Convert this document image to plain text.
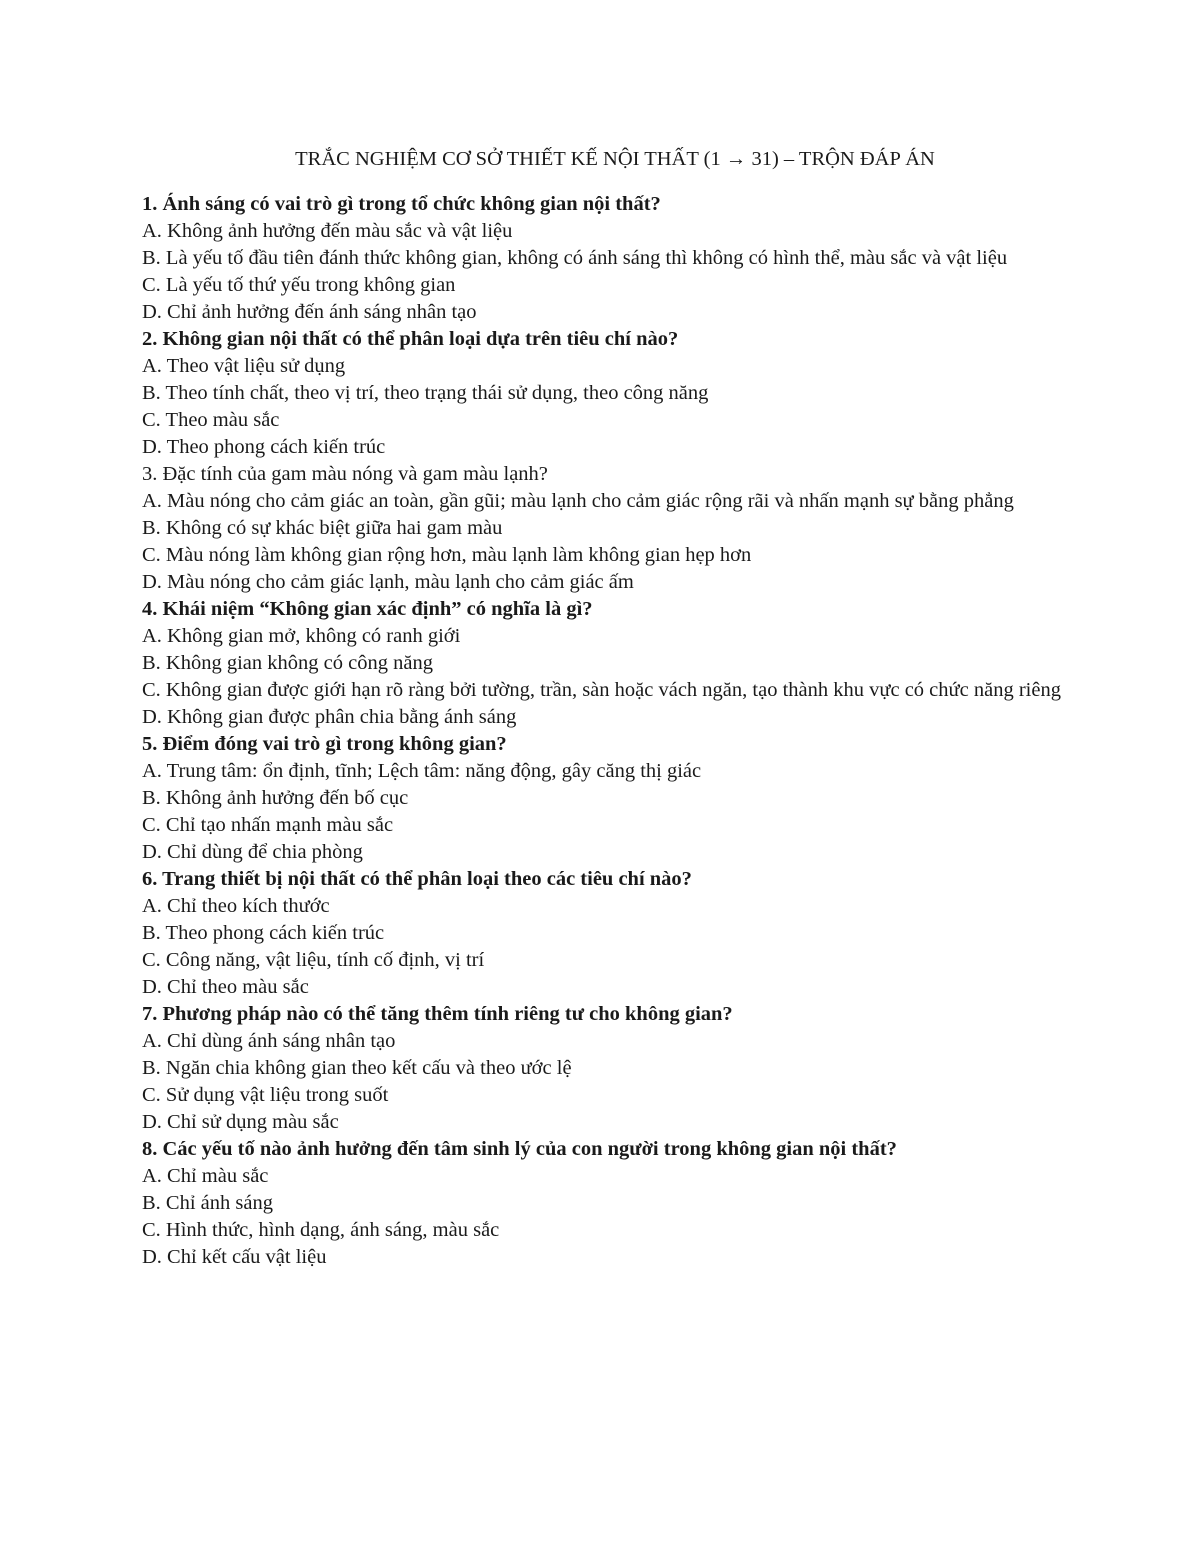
TRẮC NGHIỆM CƠ SỞ THIẾT KẾ NỘI THẤT (1 → 31) – TRỘN ĐÁP ÁN
1. Ánh sáng có vai trò gì trong tổ chức không gian nội thất?
A. Không ảnh hưởng đến màu sắc và vật liệu
B. Là yếu tố đầu tiên đánh thức không gian, không có ánh sáng thì không có hình thể, màu sắc và vật liệu
C. Là yếu tố thứ yếu trong không gian
D. Chỉ ảnh hưởng đến ánh sáng nhân tạo
2. Không gian nội thất có thể phân loại dựa trên tiêu chí nào?
A. Theo vật liệu sử dụng
B. Theo tính chất, theo vị trí, theo trạng thái sử dụng, theo công năng
C. Theo màu sắc
D. Theo phong cách kiến trúc
3. Đặc tính của gam màu nóng và gam màu lạnh?
A. Màu nóng cho cảm giác an toàn, gần gũi; màu lạnh cho cảm giác rộng rãi và nhấn mạnh sự bằng phẳng
B. Không có sự khác biệt giữa hai gam màu
C. Màu nóng làm không gian rộng hơn, màu lạnh làm không gian hẹp hơn
D. Màu nóng cho cảm giác lạnh, màu lạnh cho cảm giác ấm
4. Khái niệm “Không gian xác định” có nghĩa là gì?
A. Không gian mở, không có ranh giới
B. Không gian không có công năng
C. Không gian được giới hạn rõ ràng bởi tường, trần, sàn hoặc vách ngăn, tạo thành khu vực có chức năng riêng
D. Không gian được phân chia bằng ánh sáng
5. Điểm đóng vai trò gì trong không gian?
A. Trung tâm: ổn định, tĩnh; Lệch tâm: năng động, gây căng thị giác
B. Không ảnh hưởng đến bố cục
C. Chỉ tạo nhấn mạnh màu sắc
D. Chỉ dùng để chia phòng
6. Trang thiết bị nội thất có thể phân loại theo các tiêu chí nào?
A. Chỉ theo kích thước
B. Theo phong cách kiến trúc
C. Công năng, vật liệu, tính cố định, vị trí
D. Chỉ theo màu sắc
7. Phương pháp nào có thể tăng thêm tính riêng tư cho không gian?
A. Chỉ dùng ánh sáng nhân tạo
B. Ngăn chia không gian theo kết cấu và theo ước lệ
C. Sử dụng vật liệu trong suốt
D. Chỉ sử dụng màu sắc
8. Các yếu tố nào ảnh hưởng đến tâm sinh lý của con người trong không gian nội thất?
A. Chỉ màu sắc
B. Chỉ ánh sáng
C. Hình thức, hình dạng, ánh sáng, màu sắc
D. Chỉ kết cấu vật liệu
